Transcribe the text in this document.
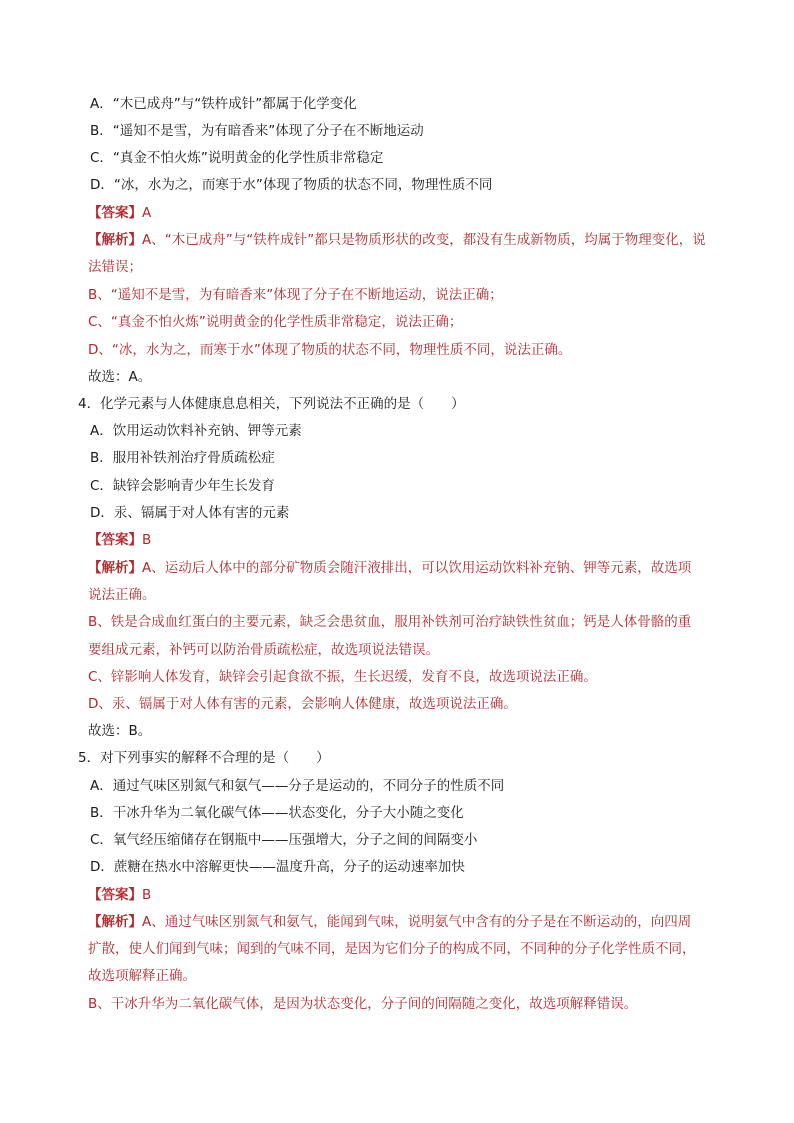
A．“木已成舟”与“铁杵成针”都属于化学变化
B．“遥知不是雪，为有暗香来”体现了分子在不断地运动
C．“真金不怕火炼”说明黄金的化学性质非常稳定
D．“冰，水为之，而寒于水”体现了物质的状态不同，物理性质不同
【答案】A
【解析】A、“木已成舟”与“铁杵成针”都只是物质形状的改变，都没有生成新物质，均属于物理变化，说
法错误；
B、“遥知不是雪，为有暗香来”体现了分子在不断地运动，说法正确；
C、“真金不怕火炼”说明黄金的化学性质非常稳定，说法正确；
D、“冰，水为之，而寒于水”体现了物质的状态不同，物理性质不同，说法正确。
故选：A。
4．化学元素与人体健康息息相关，下列说法不正确的是（　　）
A．饮用运动饮料补充钠、钾等元素
B．服用补铁剂治疗骨质疏松症
C．缺锌会影响青少年生长发育
D．汞、镉属于对人体有害的元素
【答案】B
【解析】A、运动后人体中的部分矿物质会随汗液排出，可以饮用运动饮料补充钠、钾等元素，故选项
说法正确。
B、铁是合成血红蛋白的主要元素，缺乏会患贫血，服用补铁剂可治疗缺铁性贫血；钙是人体骨骼的重
要组成元素，补钙可以防治骨质疏松症，故选项说法错误。
C、锌影响人体发育，缺锌会引起食欲不振，生长迟缓，发育不良，故选项说法正确。
D、汞、镉属于对人体有害的元素，会影响人体健康，故选项说法正确。
故选：B。
5．对下列事实的解释不合理的是（　　）
A．通过气味区别氮气和氨气——分子是运动的，不同分子的性质不同
B．干冰升华为二氧化碳气体——状态变化，分子大小随之变化
C．氧气经压缩储存在钢瓶中——压强增大，分子之间的间隔变小
D．蔗糖在热水中溶解更快——温度升高，分子的运动速率加快
【答案】B
【解析】A、通过气味区别氮气和氨气，能闻到气味，说明氨气中含有的分子是在不断运动的，向四周
扩散，使人们闻到气味；闻到的气味不同，是因为它们分子的构成不同，不同种的分子化学性质不同，
故选项解释正确。
B、干冰升华为二氧化碳气体，是因为状态变化，分子间的间隔随之变化，故选项解释错误。
